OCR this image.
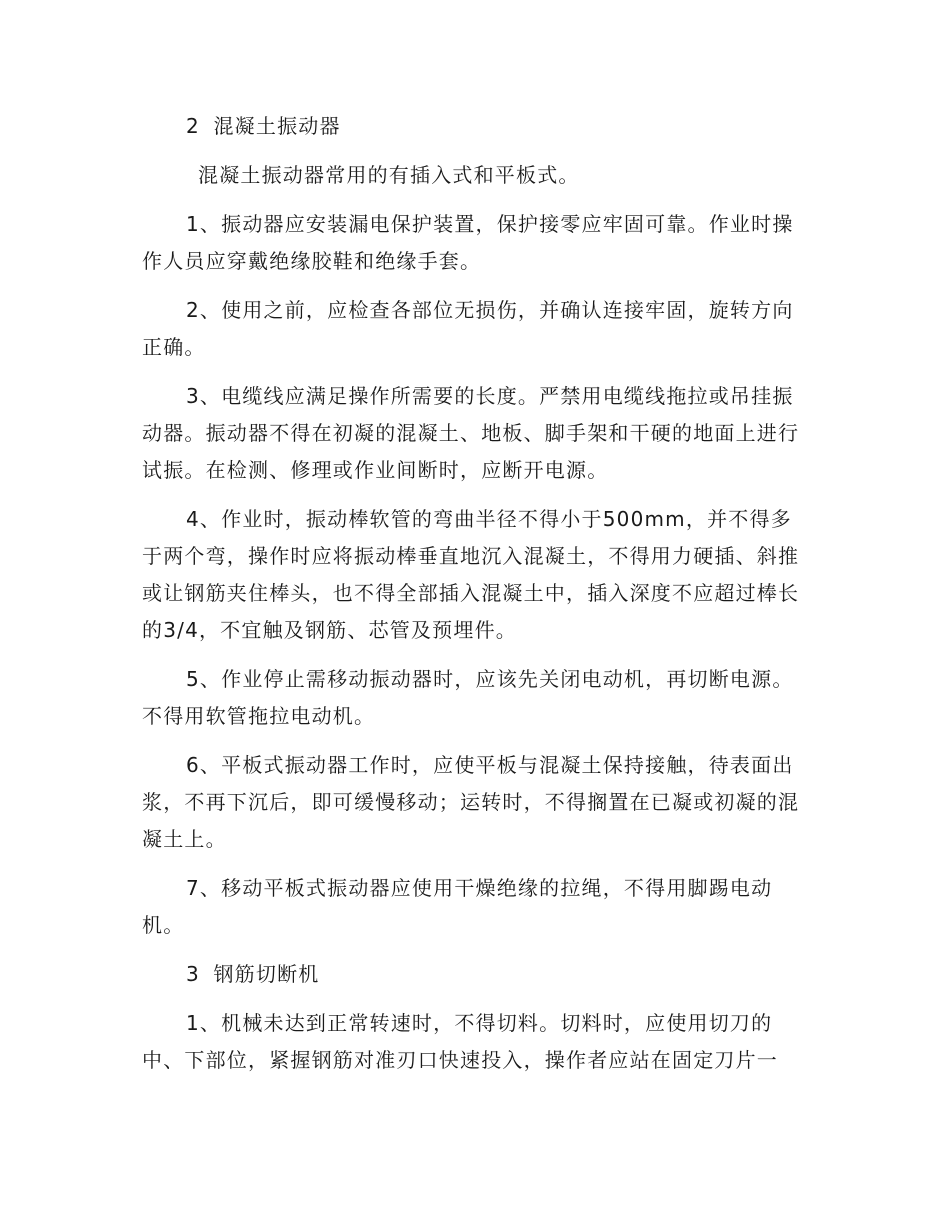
2 混凝土振动器

混凝土振动器常用的有插入式和平板式。

1、振动器应安装漏电保护装置，保护接零应牢固可靠。作业时操作人员应穿戴绝缘胶鞋和绝缘手套。

2、使用之前，应检查各部位无损伤，并确认连接牢固，旋转方向正确。

3、电缆线应满足操作所需要的长度。严禁用电缆线拖拉或吊挂振动器。振动器不得在初凝的混凝土、地板、脚手架和干硬的地面上进行试振。在检测、修理或作业间断时，应断开电源。

4、作业时，振动棒软管的弯曲半径不得小于500mm，并不得多于两个弯，操作时应将振动棒垂直地沉入混凝土，不得用力硬插、斜推或让钢筋夹住棒头，也不得全部插入混凝土中，插入深度不应超过棒长的3/4，不宜触及钢筋、芯管及预埋件。

5、作业停止需移动振动器时，应该先关闭电动机，再切断电源。不得用软管拖拉电动机。

6、平板式振动器工作时，应使平板与混凝土保持接触，待表面出浆，不再下沉后，即可缓慢移动；运转时，不得搁置在已凝或初凝的混凝土上。

7、移动平板式振动器应使用干燥绝缘的拉绳，不得用脚踢电动机。

3 钢筋切断机

1、机械未达到正常转速时，不得切料。切料时，应使用切刀的中、下部位，紧握钢筋对准刃口快速投入，操作者应站在固定刀片一
